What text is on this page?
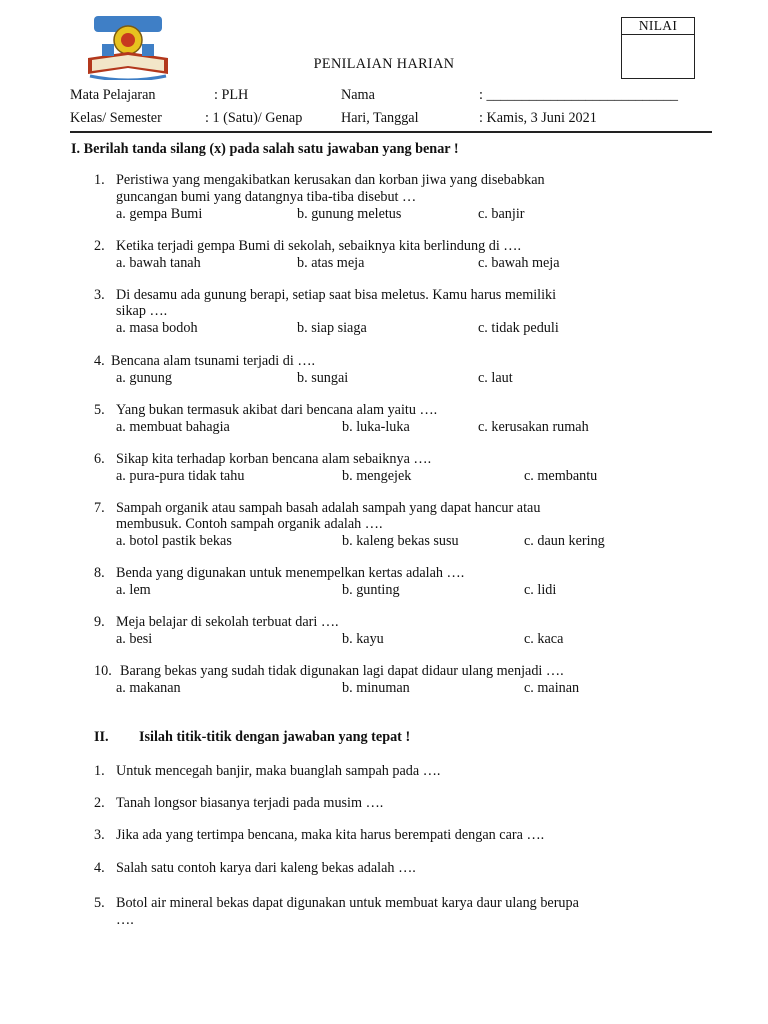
NILAI
PENILAIAN HARIAN
Mata Pelajaran	: PLH	Nama	: ___________________________
Kelas/ Semester	: 1 (Satu)/ Genap	Hari, Tanggal	: Kamis, 3 Juni 2021
I. Berilah tanda silang (x) pada salah satu jawaban yang benar !
1. Peristiwa yang mengakibatkan kerusakan dan korban jiwa yang disebabkan
guncangan bumi yang datangnya tiba-tiba disebut …
a. gempa Bumi	b. gunung meletus	c. banjir
2. Ketika terjadi gempa Bumi di sekolah, sebaiknya kita berlindung di ….
a. bawah tanah	b. atas meja	c. bawah meja
3. Di desamu ada gunung berapi, setiap saat bisa meletus. Kamu harus memiliki
sikap ….
a. masa bodoh	b. siap siaga	c. tidak peduli
4. Bencana alam tsunami terjadi di ….
a. gunung	b. sungai	c. laut
5. Yang bukan termasuk akibat dari bencana alam yaitu ….
a. membuat bahagia	b. luka-luka	c. kerusakan rumah
6. Sikap kita terhadap korban bencana alam sebaiknya ….
a. pura-pura tidak tahu	b. mengejek	c. membantu
7. Sampah organik atau sampah basah adalah sampah yang dapat hancur atau
membusuk. Contoh sampah organik adalah ….
a. botol pastik bekas	b. kaleng bekas susu	c. daun kering
8. Benda yang digunakan untuk menempelkan kertas adalah ….
a. lem	b. gunting	c. lidi
9. Meja belajar di sekolah terbuat dari ….
a. besi	b. kayu	c. kaca
10. Barang bekas yang sudah tidak digunakan lagi dapat didaur ulang menjadi ….
a. makanan	b. minuman	c. mainan
II. Isilah titik-titik dengan jawaban yang tepat !
1. Untuk mencegah banjir, maka buanglah sampah pada ….
2. Tanah longsor biasanya terjadi pada musim ….
3. Jika ada yang tertimpa bencana, maka kita harus berempati dengan cara ….
4. Salah satu contoh karya dari kaleng bekas adalah ….
5. Botol air mineral bekas dapat digunakan untuk membuat karya daur ulang berupa
….
